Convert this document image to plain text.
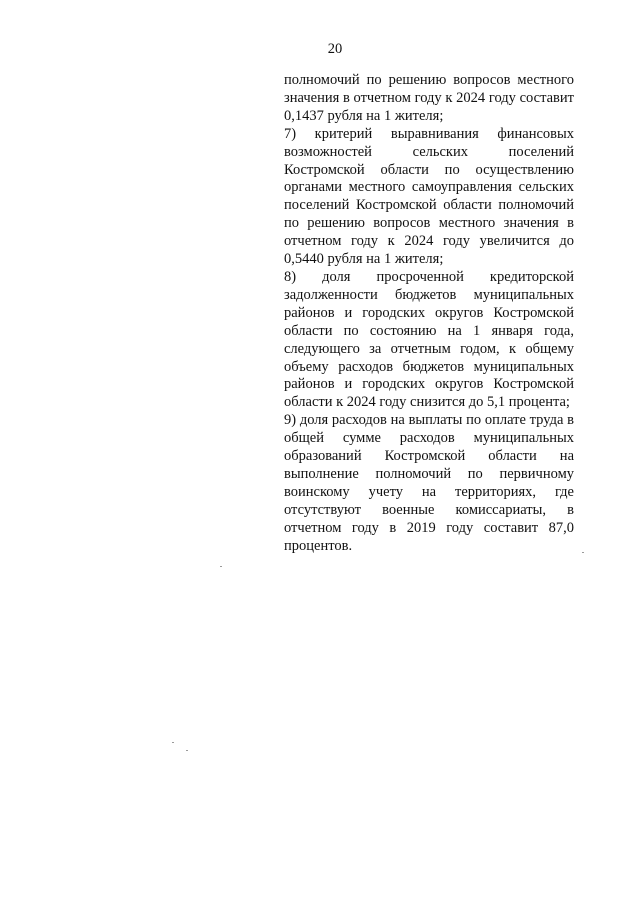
20

полномочий по решению вопросов местного значения в отчетном году к 2024 году составит 0,1437 рубля на 1 жителя;

7) критерий выравнивания финансовых возможностей сельских поселений Костромской области по осуществлению органами местного самоуправления сельских поселений Костромской области полномочий по решению вопросов местного значения в отчетном году к 2024 году увеличится до 0,5440 рубля на 1 жителя;

8) доля просроченной кредиторской задолженности бюджетов муниципальных районов и городских округов Костромской области по состоянию на 1 января года, следующего за отчетным годом, к общему объему расходов бюджетов муниципальных районов и городских округов Костромской области к 2024 году снизится до 5,1 процента;

9) доля расходов на выплаты по оплате труда в общей сумме расходов муниципальных образований Костромской области на выполнение полномочий по первичному воинскому учету на территориях, где отсутствуют военные комиссариаты, в отчетном году в 2019 году составит 87,0 процентов.
